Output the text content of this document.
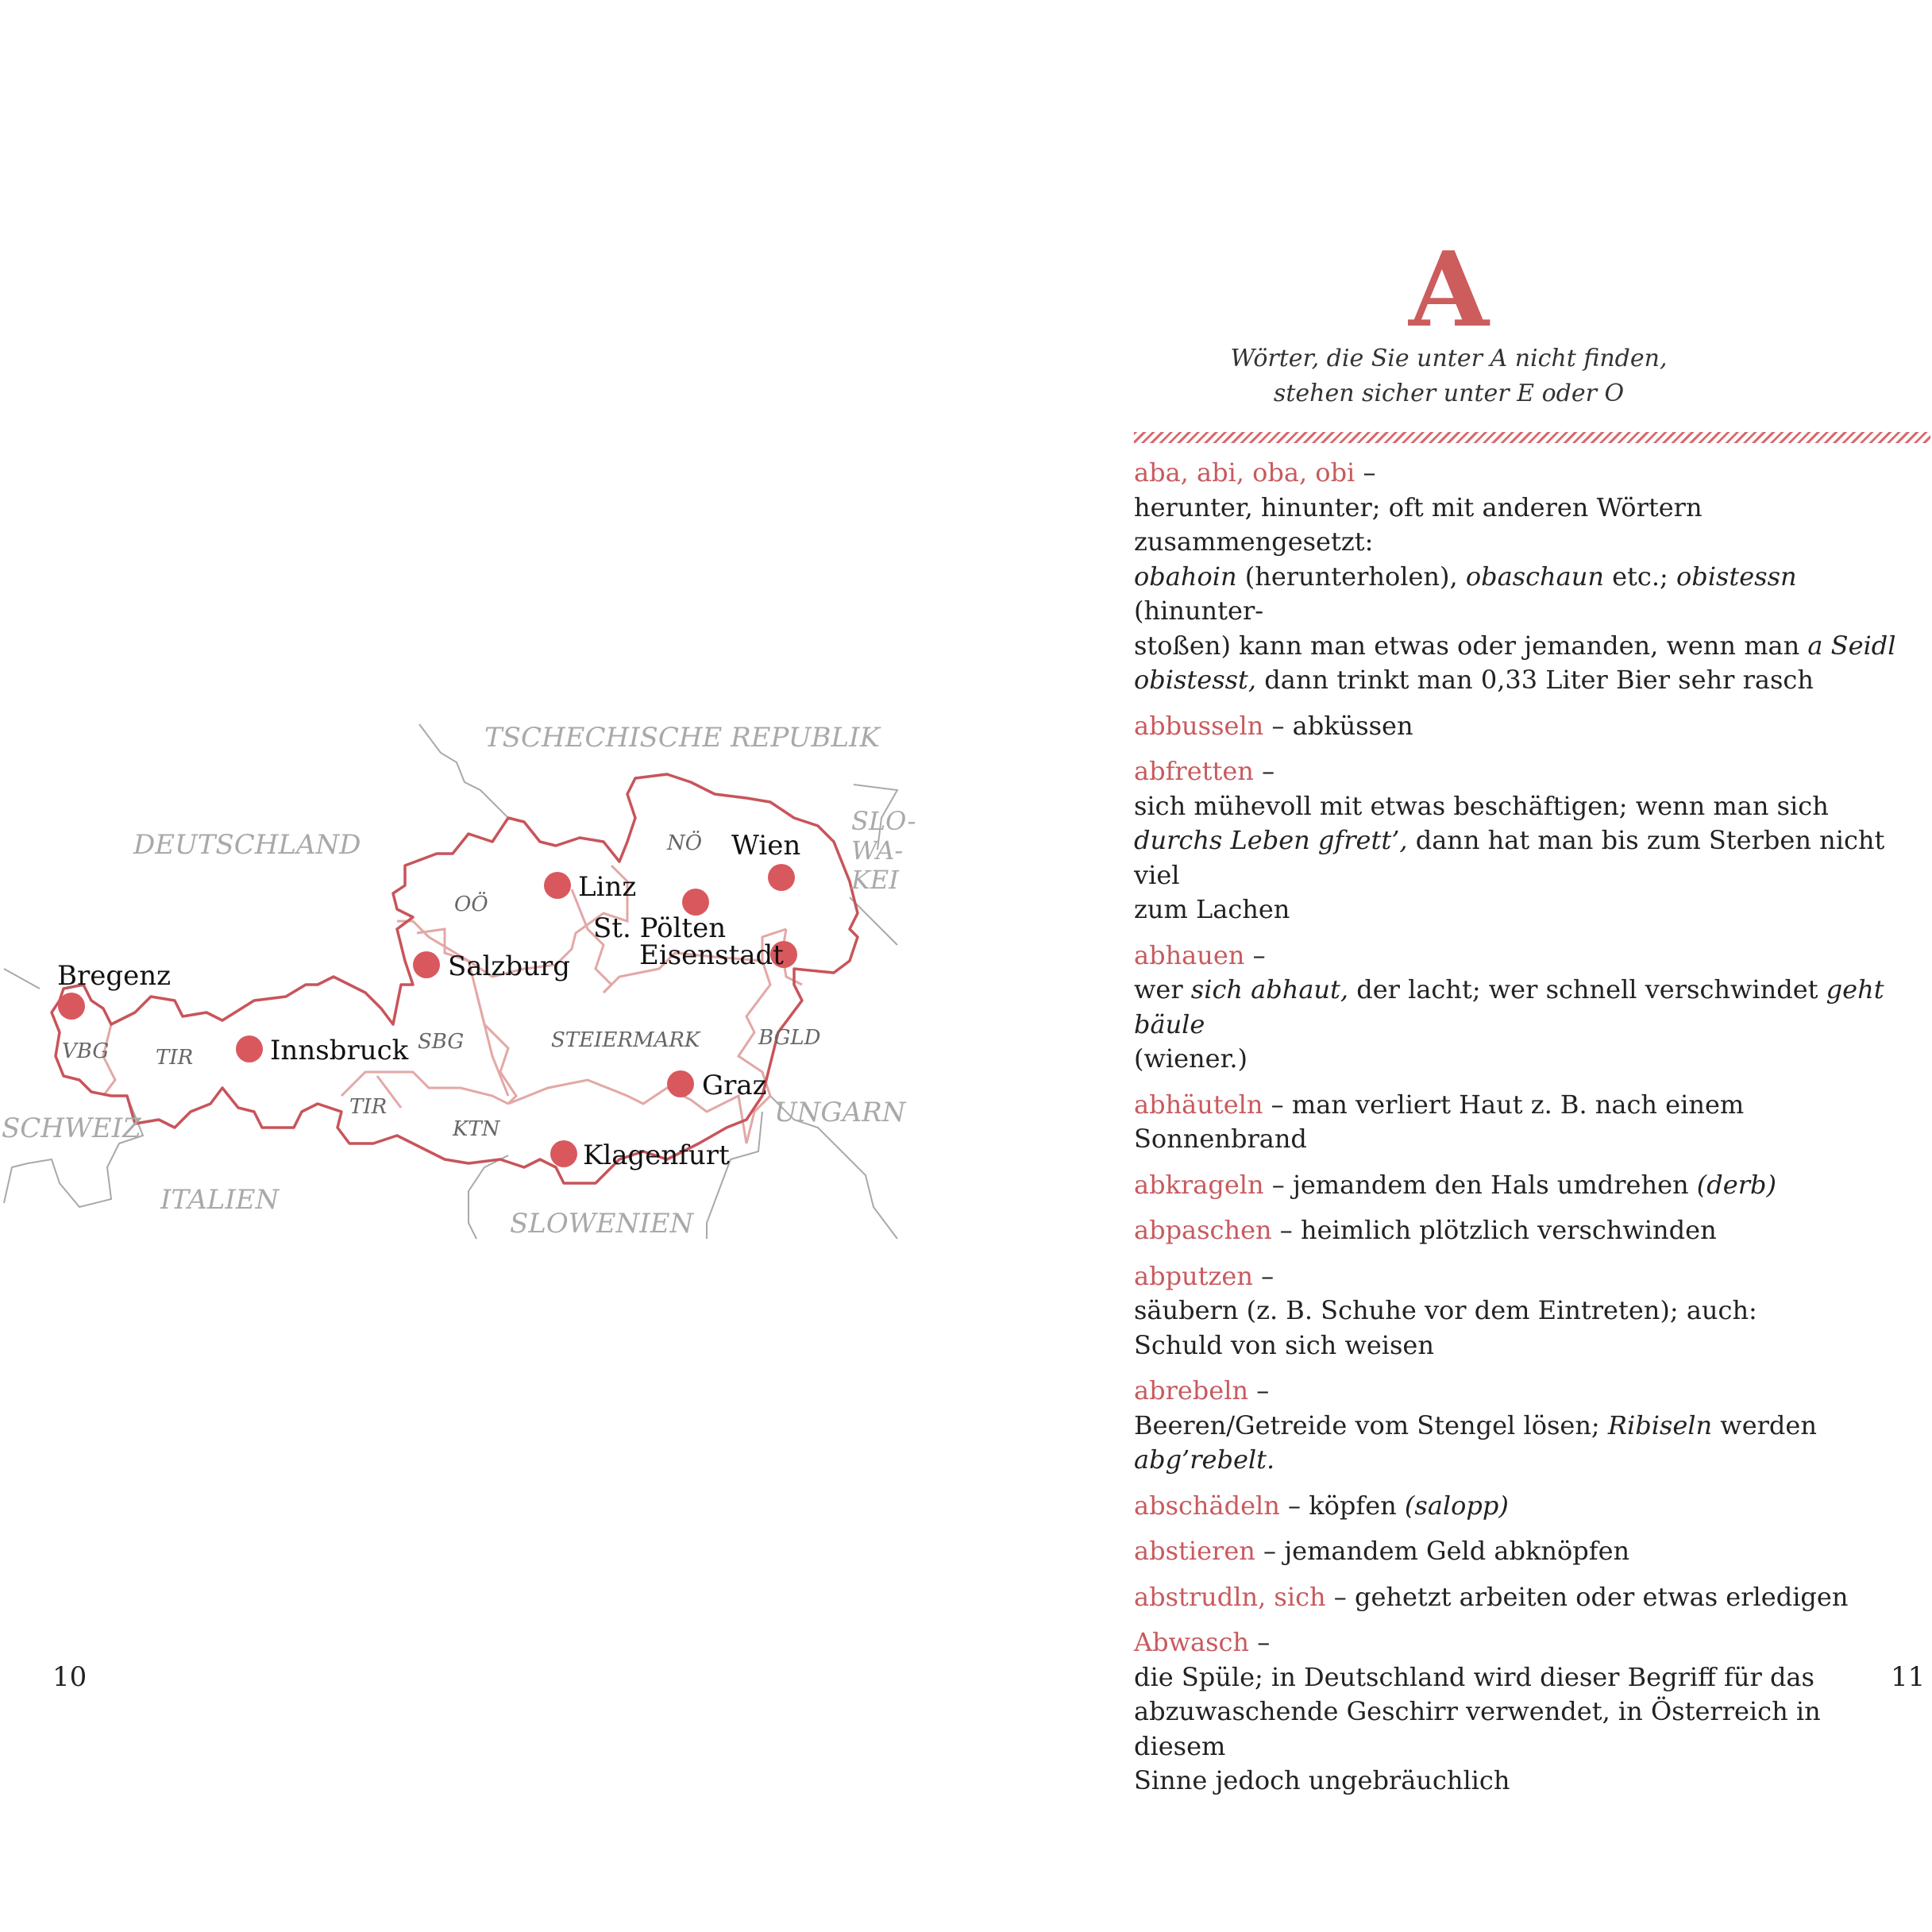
TSCHECHISCHE REPUBLIK
DEUTSCHLAND
SLO-
WA-
KEI
SCHWEIZ
ITALIEN
SLOWENIEN
UNGARN
VBG TIR
TIR
SBG
OÖ
NÖ
STEIERMARK
KTN
BGLD
Bregenz
Innsbruck
Salzburg
Linz
St. Pölten
Wien
Eisenstadt
Graz
Klagenfurt
10
A
Wörter, die Sie unter A nicht finden,
stehen sicher unter E oder O
11
aba, abi, oba, obi –
herunter, hinunter; oft mit anderen Wörtern zusammengesetzt:
obahoin (herunterholen), obaschaun etc.; obistessn (hinunter-
stoßen) kann man etwas oder jemanden, wenn man a Seidl
obistesst, dann trinkt man 0,33 Liter Bier sehr rasch
abbusseln – abküssen
abfretten –
sich mühevoll mit etwas beschäftigen; wenn man sich
durchs Leben gfrett’, dann hat man bis zum Sterben nicht viel
zum Lachen
abhauen –
wer sich abhaut, der lacht; wer schnell verschwindet geht bäule
(wiener.)
abhäuteln – man verliert Haut z. B. nach einem Sonnenbrand
abkrageln – jemandem den Hals umdrehen (derb)
abpaschen – heimlich plötzlich verschwinden
abputzen –
säubern (z. B. Schuhe vor dem Eintreten); auch:
Schuld von sich weisen
abrebeln –
Beeren/Getreide vom Stengel lösen; Ribiseln werden abg’rebelt.
abschädeln – köpfen (salopp)
abstieren – jemandem Geld abknöpfen
abstrudln, sich – gehetzt arbeiten oder etwas erledigen
Abwasch –
die Spüle; in Deutschland wird dieser Begriff für das
abzuwaschende Geschirr verwendet, in Österreich in diesem
Sinne jedoch ungebräuchlich
